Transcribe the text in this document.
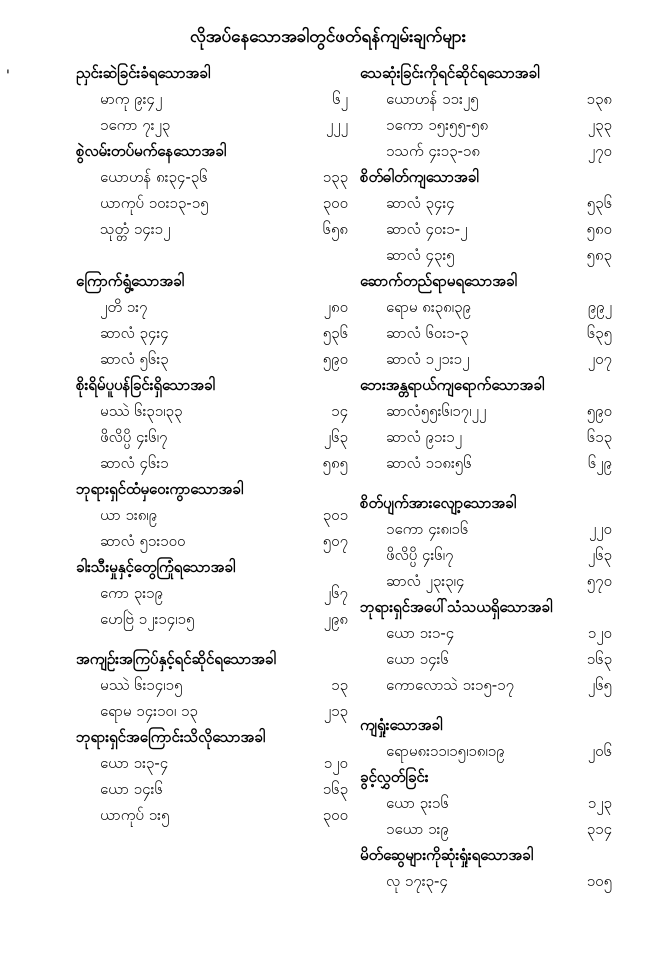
'
လိုအပ်နေသောအခါတွင်ဖတ်ရန်ကျမ်းချက်များ
ညှင်းဆဲခြင်းခံရသောအခါ
မာကု ၉း၄၂	၆၂
၁ကော ၇း၂၃	၂၂၂
စွဲလမ်းတပ်မက်နေသောအခါ
ယောဟန် ၈း၃၄-၃၆	၁၃၃
ယာကုပ် ၁၀း၁၃-၁၅	၃၀၀
သုတ္တံ ၁၄း၁၂	၆၅၈
ကြောက်ရွံ့သောအခါ
၂တိ ၁း၇	၂၈၀
ဆာလံ ၃၄း၄	၅၃၆
ဆာလံ ၅၆း၃	၅၉၀
စိုးရိမ်ပူပန်ခြင်းရှိသောအခါ
မဿဲ ၆း၃၁၊၃၃	၁၄
ဖိလိပ္ပိ ၄း၆၊၇	၂၆၃
ဆာလံ ၄၆း၁	၅၈၅
ဘုရားရှင်ထံမှဝေးကွာသောအခါ
ယာ ၁း၈၊၉	၃၀၁
ဆာလံ ၅၁း၁၀၀	၅၀၇
ခါးသီးမှုနှင့်တွေကြုံရသောအခါ
ကော ၃း၁၉	၂၆၇
ဟေဗြဲ ၁၂း၁၄၊၁၅	၂၉၈
အကျဉ်းအကြပ်နှင့်ရင်ဆိုင်ရသောအခါ
မဿဲ ၆း၁၄၊၁၅	၁၃
ရောမ ၁၄း၁၀၊ ၁၃	၂၁၃
ဘုရားရှင်အကြောင်းသိလိုသောအခါ
ယော ၁း၃-၄	၁၂၀
ယော ၁၄း၆	၁၆၃
ယာကုပ် ၁း၅	၃၀၀
သေဆုံးခြင်းကိုရင်ဆိုင်ရသောအခါ
ယောဟန် ၁၁း၂၅	၁၃၈
၁ကော ၁၅း၅၅-၅၈	၂၃၃
၁သက် ၄း၁၃-၁၈	၂၇၀
စိတ်ဓါတ်ကျသောအခါ
ဆာလံ ၃၄း၄	၅၃၆
ဆာလံ ၄၀း၁-၂	၅၈၀
ဆာလံ ၄၃း၅	၅၈၃
ဆောက်တည်ရာမရသောအခါ
ရောမ ၈း၃၈၊၃၉	၉၉၂
ဆာလံ ၆၀း၁-၃	၆၃၅
ဆာလံ ၁၂၁း၁၂	၂၀၇
ဘေးအန္တရာယ်ကျရောက်သောအခါ
ဆာလံ၅၅း၆၊၁၇၊၂၂	၅၉၀
ဆာလံ ၉၁း၁၂	၆၁၃
ဆာလံ ၁၁၈း၅၆	၆၂၉
စိတ်ပျက်အားလျော့သောအခါ
၁ကော ၄း၈၊၁၆	၂၂၀
ဖိလိပ္ပိ ၄း၆၊၇	၂၆၃
ဆာလံ ၂၃း၃၊၄	၅၇၀
ဘုရားရှင်အပေါ်သံသယရှိသောအခါ
ယော ၁း၁-၄	၁၂၀
ယော ၁၄း၆	၁၆၃
ကောလောသဲ ၁း၁၅-၁၇	၂၆၅
ကျရှုံးသောအခါ
ရောမ၈း၁၁၊၁၅၊၁၈၊၁၉	၂၀၆
ခွင့်လွှတ်ခြင်း
ယော ၃း၁၆	၁၂၃
၁ယော ၁း၉	၃၁၄
မိတ်ဆွေများကိုဆုံးရှုံးရသောအခါ
လု ၁၇း၃-၄	၁၀၅
